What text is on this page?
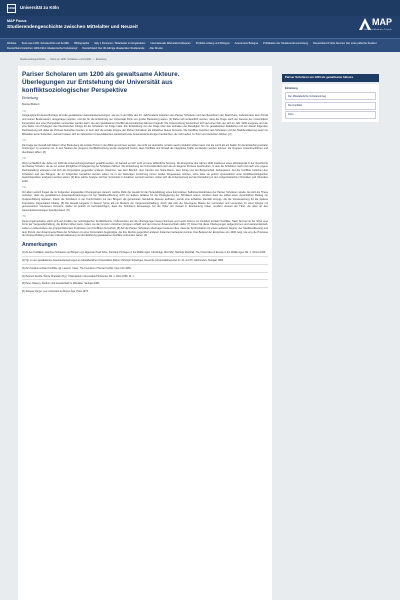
UDB Universität zu Köln
MAP Focus
Studierendengeschichte zwischen Mittelalter und Neuzeit
MAP
Mittelalter Akademie Projekte
Website Texte aus 1200: Schulen/Kirk und Konflikt Bibliographie Italy 1 Personen / Mitarbeiter im Registration Internationale Werkstatt-Kolloquien Portfolio-Anfang und Bologna Autorentext Bologna Publikation der Studierendenvertretung Deutschland Frühe Neuzeit: Der erste jüdische Student
Deutschland zwischen 1900-1914: Akademische Kulturkampf Deutschland: Der 30-Jährige Akademiker-Studierende Alte Drucke
Studierendengeschichte › Paris um 1200: Scholaren und Konflikt › Einleitung
Pariser Scholaren um 1200 als gewaltsame Akteure. Überlegungen zur Entstehung der Universität aus konfliktsoziologischer Perspektive
Einleitung
Marcel Bubert
<1>
Ausgangspunkt dieses Beitrags sind die gewaltsamen Auseinandersetzungen, wie sie in der Mitte des 13. Jahrhunderts zwischen den Pariser Scholaren und den Bewohnern der Stadt Paris, insbesondere dem Prévôt und seinen Bediensteten, ausgetragen wurden, und die für die Entstehung der Universität Paris von großer Bedeutung waren. [1] Dabei soll verdeutlicht werden, dass die Frage nach der Genese der universitären Korporation aus einer Perspektive verstanden werden kann, die den gewaltsamen Konflikt als konstitutives Element begreift. Die Untersuchung konzentriert sich auf einen Fall, der sich im Jahr 1200 ereignete und der eine Reihe von Privilegien des französischen Königs für die Scholaren zur Folge hatte. Die Entwicklung von der Klage über das Verhalten der Beteiligten hin zur gewaltsamen Eskalation und der darauf folgenden Rechtsetzung soll dabei als Prozess betrachtet werden, in dem sich die soziale Gruppe der Pariser Scholaren als kollektiver Akteur formierte. Die Konflikte zwischen den Scholaren und der Stadtbevölkerung waren im Mittelalter keine Seltenheit, vielmehr lassen sich an zahlreichen Universitätsorten wiederkehrende Auseinandersetzungen beobachten, die nicht selten zu Toten und Verletzten führten. [2]
<2>
Die Frage der Gewalt soll dabei in ihrer Bedeutung als soziale Praxis in den Blick genommen werden, die nicht nur destruktiv, sondern auch produktiv wirken kann und die somit als ein Faktor für die Entstehung sozialer Ordnungen zu verstehen ist. In den Studien der jüngeren Konfliktforschung wurde wiederholt betont, dass Konflikte und Gewalt als integrative Kräfte verstanden werden können, die Gruppen zusammenführen und Identitäten stiften. [3]
<3>
Wenn schließlich die Jahre um 1200 als Untersuchungszeitraum gewählt werden, so handelt es sich nicht um eine willkürliche Setzung. Die Ereignisse des Jahres 1200 markieren einen Wendepunkt in der Geschichte der Pariser Schulen, da sie zur ersten königlichen Privilegierung der Scholaren führten. Die Entstehung der Universität lässt sich als ein längerer Prozess beschreiben, in dem die Scholaren nach und nach eine eigene Rechtsstellung erlangten und sich als Korporation gegenüber anderen Instanzen, wie dem Bischof, dem Kanzler von Notre-Dame, dem König und der Bürgerschaft, behaupteten. Auf die Konflikte zwischen den Scholaren und den Bürgern, die im Folgenden betrachtet werden sollen, ist in der bisherigen Forschung immer wieder hingewiesen worden, ohne dass sie jedoch systematisch unter konfliktsoziologischen Gesichtspunkten analysiert worden wären. [4] Eine solche Analyse soll hier zumindest in Ansätzen versucht werden, wobei sich die Untersuchung auf die Darstellung in den zeitgenössischen Chroniken und Urkunden stützt.
<4>
Vor allem jedoch fragen die im Folgenden angestellten Überlegungen danach, welche Rolle die Gewalt für die Herausbildung eines korporativen Selbstverständnisses der Pariser Scholaren spielte. Es wird die These vertreten, dass die gewaltsamen Auseinandersetzungen mit der Stadtbevölkerung nicht nur äußere Anlässe für die Privilegierung der Scholaren waren, sondern dass sie selbst einen wesentlichen Beitrag zur Gruppenbildung leisteten. Indem die Scholaren in der Konfrontation mit den Bürgern als gemeinsam handelnde Akteure auftraten, wurde eine kollektive Identität erzeugt, die die Voraussetzung für die spätere korporative Organisation bildete. [5] Die Gewalt fungierte in diesem Sinne als ein Medium der Vergemeinschaftung, durch das sich die heterogene Masse der Lehrenden und Lernenden zu einer Gruppe mit gemeinsamen Interessen formierte. Dabei ist jedoch zu berücksichtigen, dass die Scholaren keineswegs nur als Opfer der Gewalt in Erscheinung traten, sondern ebenso als Täter, die aktiv an den Auseinandersetzungen beteiligt waren. [6]
<5>
Diese Argumentation stützt sich auf Ansätze der soziologischen Konflikttheorie, insbesondere auf die Überlegungen Georg Simmels und Lewis Cosers zur Funktion sozialer Konflikte. Nach Simmel ist der Streit eine Form der Vergesellschaftung, die Einheit stiften kann, indem sie die Grenzen zwischen Gruppen schärft und den inneren Zusammenhalt stärkt. [7] Coser hat diese Überlegungen aufgenommen und weiterentwickelt, wobei er insbesondere die gruppenbildenden Funktionen von Konflikten hervorhob. [8] Auf die Pariser Scholaren übertragen bedeutet dies, dass die Konfrontation mit einem äußeren Gegner, der Stadtbevölkerung und dem Prévôt, den Zusammenschluss der Scholaren zu einer Korporation begünstigte, die ihre Rechte gegenüber anderen Instanzen behaupten konnte. Das Beispiel der Ereignisse von 1200 zeigt, wie eng die Prozesse der Gruppenbildung und der Institutionalisierung mit der Erfahrung gewaltsamer Konflikte verbunden waren. [9]
Anmerkungen
[1] Zu den Konflikten zwischen Scholaren und Bürgern vgl. allgemein Pearl Kibre, Scholarly Privileges in the Middle Ages, Cambridge, MA 1962; Hastings Rashdall, The Universities of Europe in the Middle Ages, Bd. 1, Oxford 1936.
[2] Vgl. zu den gewaltsamen Auseinandersetzungen an mittelalterlichen Universitäten Rainer Christoph Schwinges, Deutsche Universitätsbesucher im 14. und 15. Jahrhundert, Stuttgart 1986.
[3] Zur Funktion sozialer Konflikte vgl. Lewis A. Coser, The Functions of Social Conflict, New York 1956.
[4] Heinrich Denifle / Émile Chatelain (Hg.), Chartularium Universitatis Parisiensis, Bd. 1, Paris 1889, Nr. 1.
[5] Peter Classen, Studium und Gesellschaft im Mittelalter, Stuttgart 1983.
[6] Jacques Verger, Les universités au Moyen Âge, Paris 1973.
Pariser Scholaren um 1200 als gewaltsame Akteure
Einleitung
Der Mittelalterliche Scholarenkrieg
Die Konflikte
Fazit
